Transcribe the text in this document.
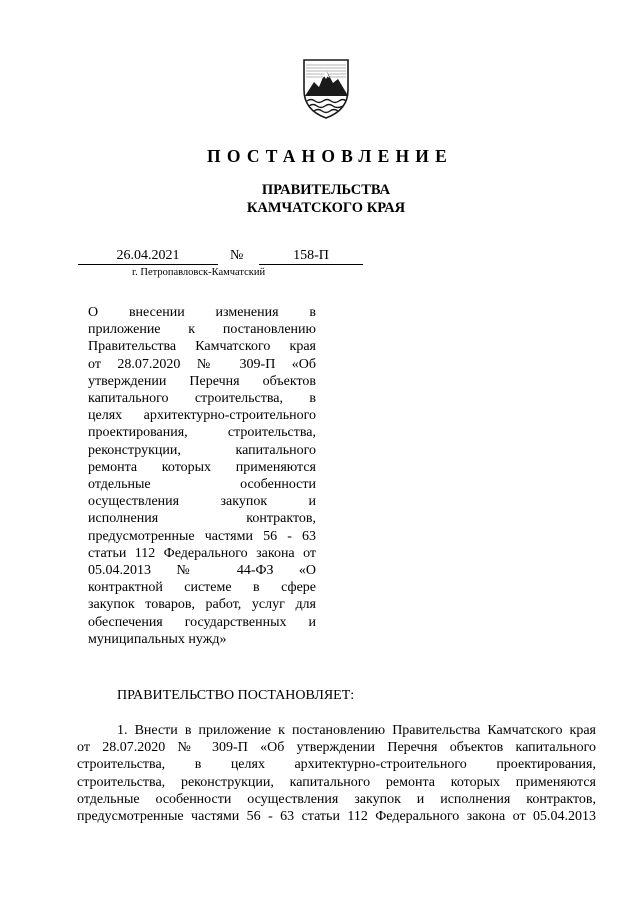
ПОСТАНОВЛЕНИЕ
ПРАВИТЕЛЬСТВА
КАМЧАТСКОГО КРАЯ
26.04.2021	№	158-П
г. Петропавловск-Камчатский
О внесении изменения в
приложение к постановлению
Правительства Камчатского края
от 28.07.2020 № 309-П «Об
утверждении Перечня объектов
капитального строительства, в
целях архитектурно-строительного
проектирования, строительства,
реконструкции, капитального
ремонта которых применяются
отдельные особенности
осуществления закупок и
исполнения контрактов,
предусмотренные частями 56 - 63
статьи 112 Федерального закона от
05.04.2013 № 44-ФЗ «О
контрактной системе в сфере
закупок товаров, работ, услуг для
обеспечения государственных и
муниципальных нужд»
ПРАВИТЕЛЬСТВО ПОСТАНОВЛЯЕТ:
1. Внести в приложение к постановлению Правительства Камчатского края
от 28.07.2020 № 309-П «Об утверждении Перечня объектов капитального
строительства, в целях архитектурно-строительного проектирования,
строительства, реконструкции, капитального ремонта которых применяются
отдельные особенности осуществления закупок и исполнения контрактов,
предусмотренные частями 56 - 63 статьи 112 Федерального закона от 05.04.2013
